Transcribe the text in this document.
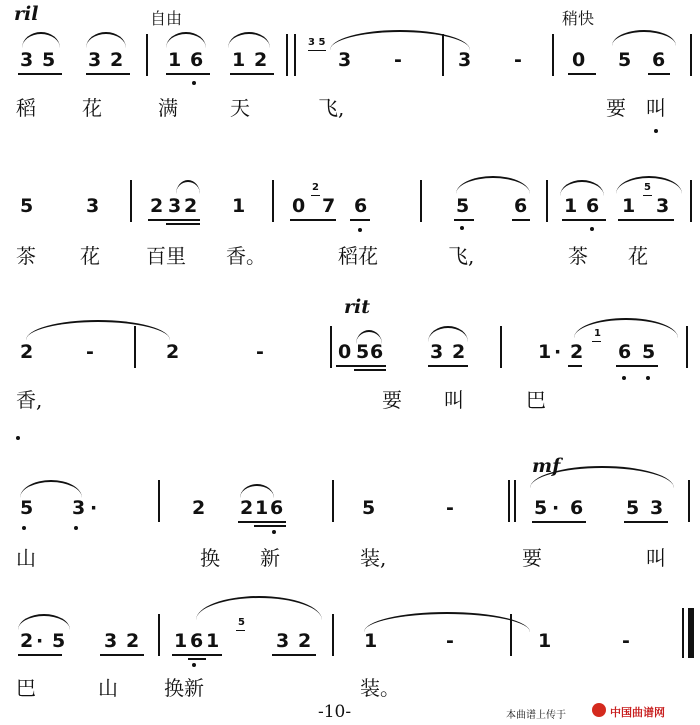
ril	自由	稍快
3 5 3 2 1 6 1 2
3 5
3 -	3 -	0 5 6
稻 花	满	天	飞,	要 叫
5	3	2 3 2 1 0
2
7 6	5 6 1 6 1
5
3
茶 花 百里 香。	稻花	飞,	茶 花
rit
2	-	2	-	0 5 6 3 2	1 · 2
1
6 5
香,	要 叫	巴
mf
5 3 ·	2 2 1 6	5	-	5 · 6 5 3
山	换 新	装,	要	叫
2 · 5 3 2 1 6 1
5
3 2	1	-	1	-
巴	山 换新	装。
-10-	本曲谱上传于	中国曲谱网
